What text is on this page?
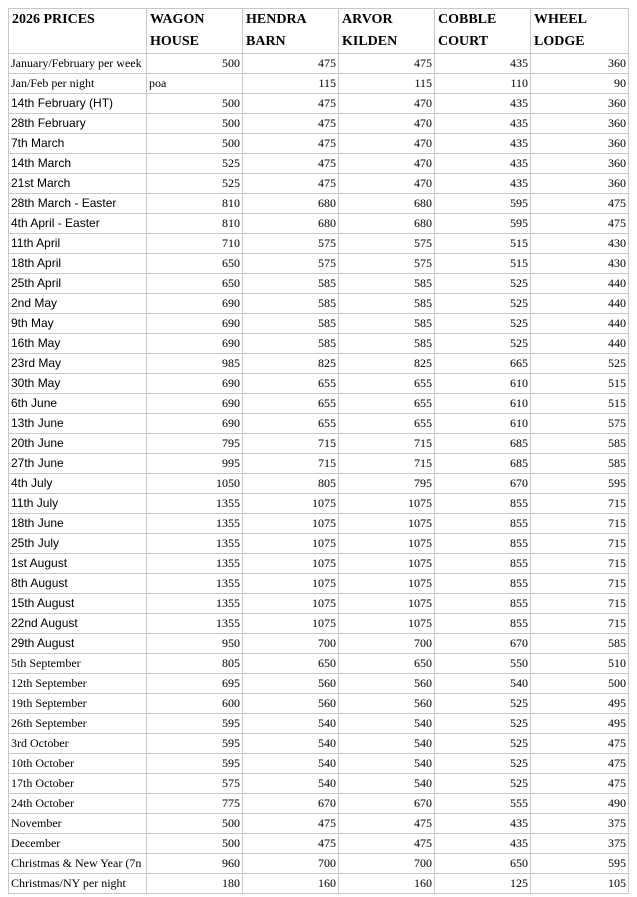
2026 PRICES	WAGON	HENDRA	ARVOR	COBBLE	WHEEL
	HOUSE	BARN	KILDEN	COURT	LODGE
January/February per week	500	475	475	435	360
Jan/Feb per night	poa	115	115	110	90
14th February (HT)	500	475	470	435	360
28th February	500	475	470	435	360
7th March	500	475	470	435	360
14th March	525	475	470	435	360
21st March	525	475	470	435	360
28th March - Easter	810	680	680	595	475
4th April - Easter	810	680	680	595	475
11th April	710	575	575	515	430
18th April	650	575	575	515	430
25th April	650	585	585	525	440
2nd May	690	585	585	525	440
9th May	690	585	585	525	440
16th May	690	585	585	525	440
23rd May	985	825	825	665	525
30th May	690	655	655	610	515
6th June	690	655	655	610	515
13th June	690	655	655	610	575
20th June	795	715	715	685	585
27th June	995	715	715	685	585
4th July	1050	805	795	670	595
11th July	1355	1075	1075	855	715
18th June	1355	1075	1075	855	715
25th July	1355	1075	1075	855	715
1st August	1355	1075	1075	855	715
8th August	1355	1075	1075	855	715
15th August	1355	1075	1075	855	715
22nd August	1355	1075	1075	855	715
29th August	950	700	700	670	585
5th September	805	650	650	550	510
12th September	695	560	560	540	500
19th September	600	560	560	525	495
26th September	595	540	540	525	495
3rd October	595	540	540	525	475
10th October	595	540	540	525	475
17th October	575	540	540	525	475
24th October	775	670	670	555	490
November	500	475	475	435	375
December	500	475	475	435	375
Christmas & New Year (7n	960	700	700	650	595
Christmas/NY per night	180	160	160	125	105
